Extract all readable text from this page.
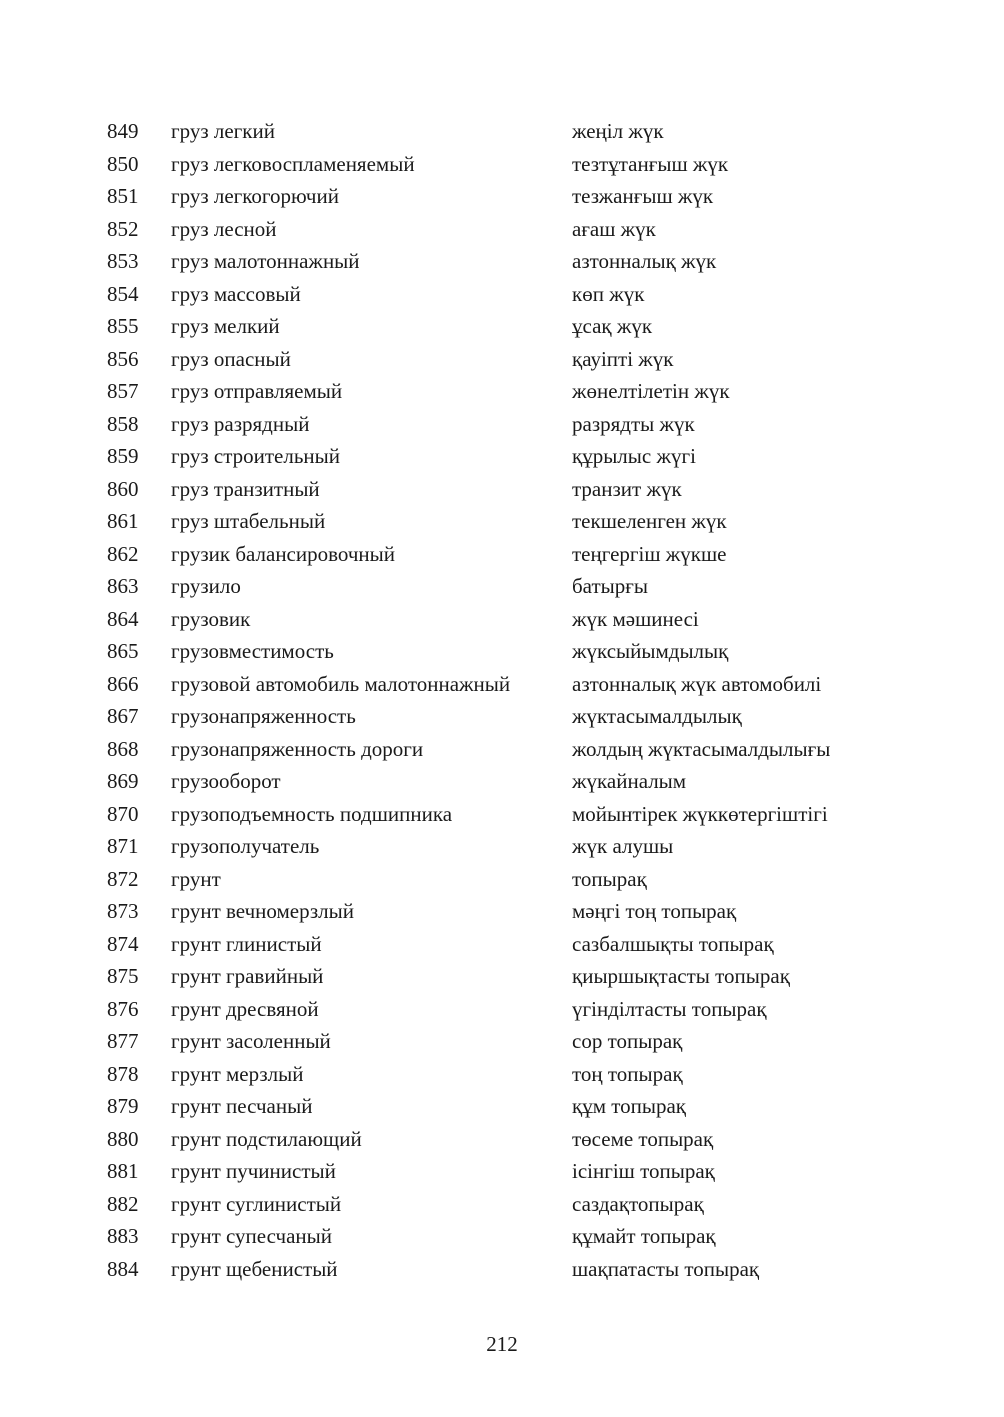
849 груз легкий	жеңіл жүк
850 груз легковоспламеняемый	тезтұтанғыш жүк
851 груз легкогорючий	тезжанғыш жүк
852 груз лесной	ағаш жүк
853 груз малотоннажный	азтонналық жүк
854 груз массовый	көп жүк
855 груз мелкий	ұсақ жүк
856 груз опасный	қауіпті жүк
857 груз отправляемый	жөнелтілетін жүк
858 груз разрядный	разрядты жүк
859 груз строительный	құрылыс жүгі
860 груз транзитный	транзит жүк
861 груз штабельный	текшеленген жүк
862 грузик балансировочный	теңгергіш жүкше
863 грузило	батырғы
864 грузовик	жүк мәшинесі
865 грузовместимость	жүксыйымдылық
866 грузовой автомобиль малотоннажный	азтонналық жүк автомобилі
867 грузонапряженность	жүктасымалдылық
868 грузонапряженность дороги	жолдың жүктасымалдылығы
869 грузооборот	жүкайналым
870 грузоподъемность подшипника	мойынтірек жүккөтергіштігі
871 грузополучатель	жүк алушы
872 грунт	топырақ
873 грунт вечномерзлый	мәңгі тоң топырақ
874 грунт глинистый	сазбалшықты топырақ
875 грунт гравийный	қиыршықтасты топырақ
876 грунт дресвяной	үгінділтасты топырақ
877 грунт засоленный	сор топырақ
878 грунт мерзлый	тоң топырақ
879 грунт песчаный	құм топырақ
880 грунт подстилающий	төсеме топырақ
881 грунт пучинистый	ісінгіш топырақ
882 грунт суглинистый	саздақтопырақ
883 грунт супесчаный	құмайт топырақ
884 грунт щебенистый	шақпатасты топырақ
212
